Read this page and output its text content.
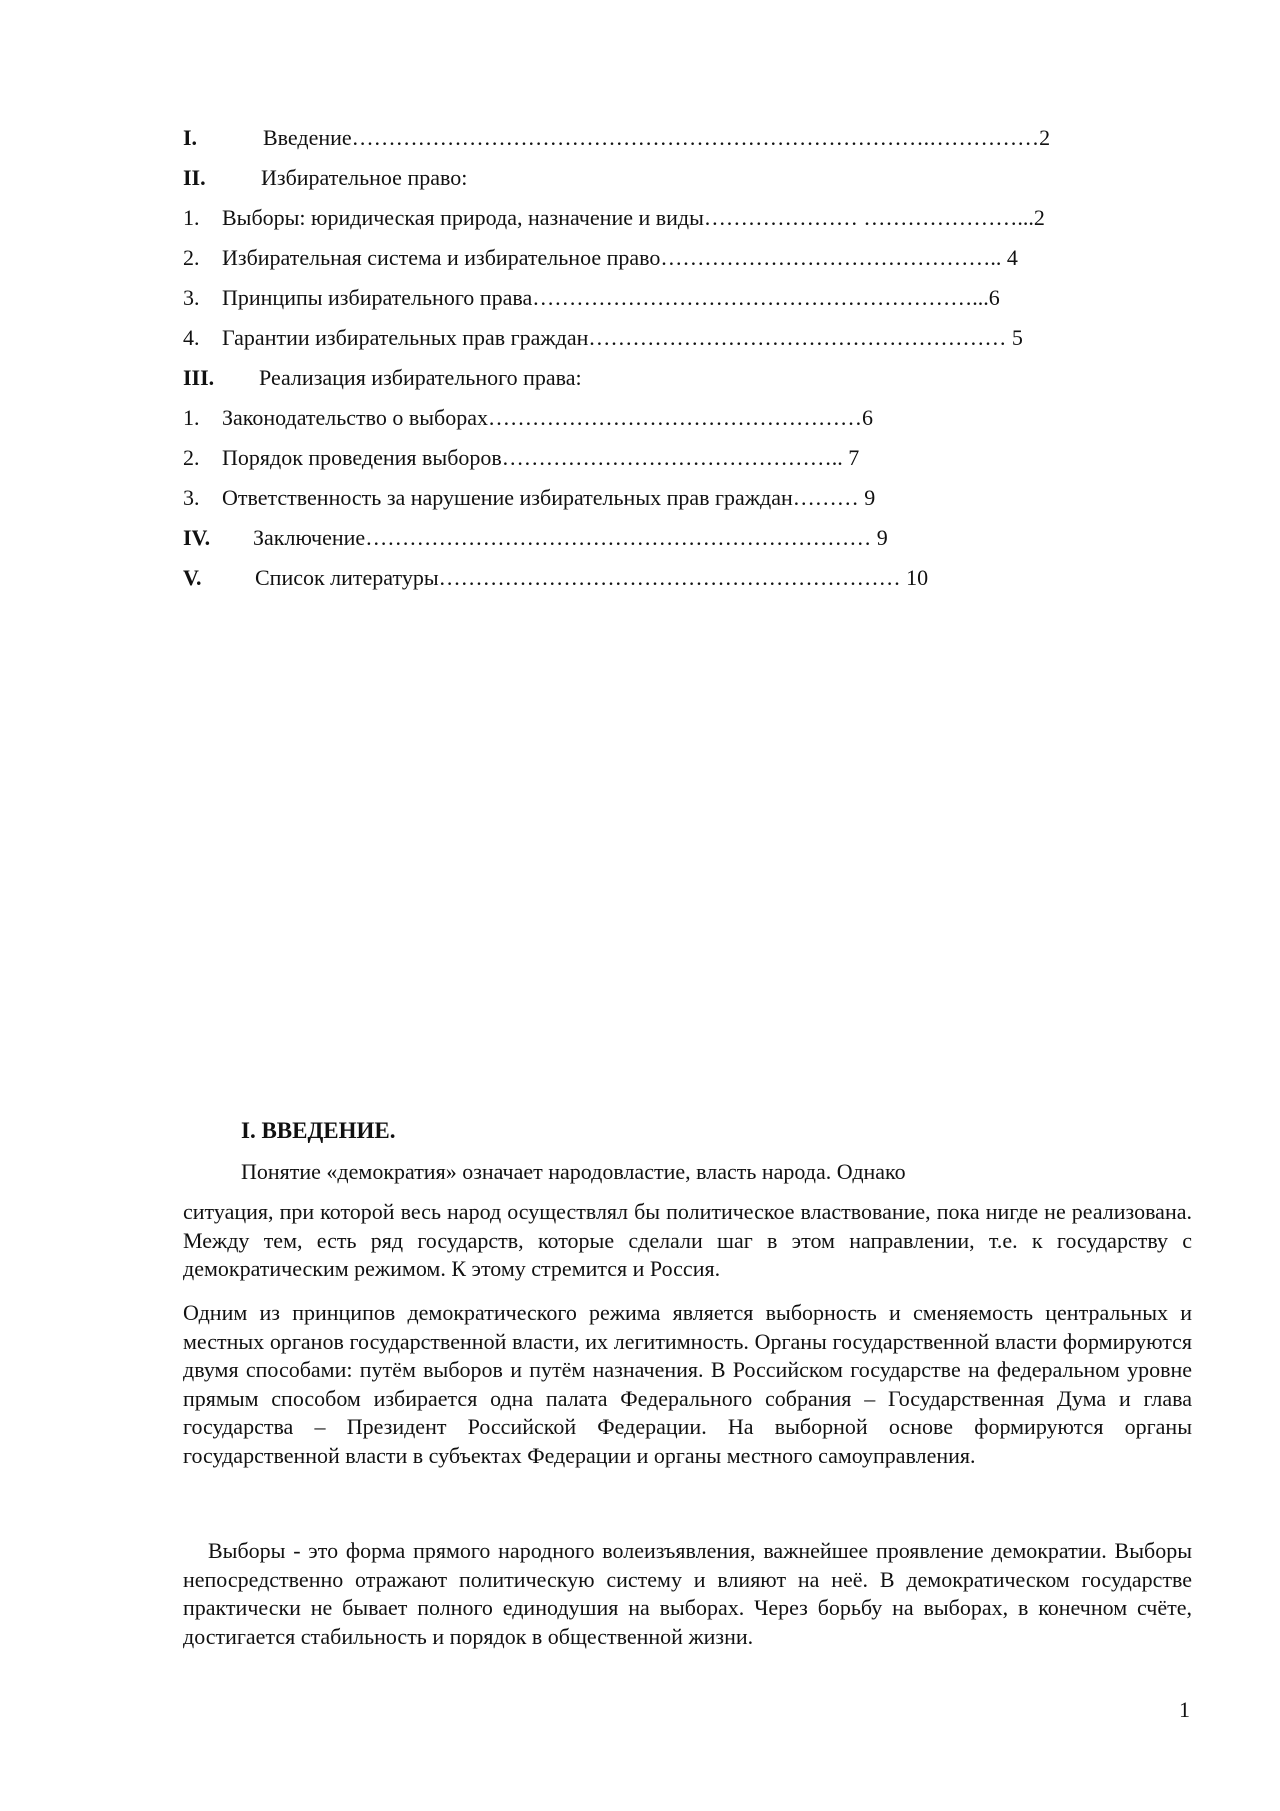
I.	Введение…………………………………………………………………….……………2
II.	Избирательное право:
1. Выборы: юридическая природа, назначение и виды………………… …………………...2
2. Избирательная система и избирательное право……………………………………….. 4
3. Принципы избирательного права……………………………………………………...6
4. Гарантии избирательных прав граждан………………………………………………… 5
III. Реализация избирательного права:
1. Законодательство о выборах……………………………………………6
2. Порядок проведения выборов……………………………………….. 7
3. Ответственность за нарушение избирательных прав граждан……… 9
IV. Заключение…………………………………………………………… 9
V. Список литературы……………………………………………………… 10
I. ВВЕДЕНИЕ.
Понятие «демократия» означает народовластие, власть народа. Однако

ситуация, при которой весь народ осуществлял бы политическое властвование, пока нигде не реализована. Между тем, есть ряд государств, которые сделали шаг в этом направлении, т.е. к государству с демократическим режимом. К этому стремится и Россия.

Одним из принципов демократического режима является выборность и сменяемость центральных и местных органов государственной власти, их легитимность. Органы государственной власти формируются двумя способами: путём выборов и путём назначения. В Российском государстве на федеральном уровне прямым способом избирается одна палата Федерального собрания – Государственная Дума и глава государства – Президент Российской Федерации. На выборной основе формируются органы государственной власти в субъектах Федерации и органы местного самоуправления.

Выборы - это форма прямого народного волеизъявления, важнейшее проявление демократии. Выборы непосредственно отражают политическую систему и влияют на неё. В демократическом государстве практически не бывает полного единодушия на выборах. Через борьбу на выборах, в конечном счёте, достигается стабильность и порядок в общественной жизни.

1
